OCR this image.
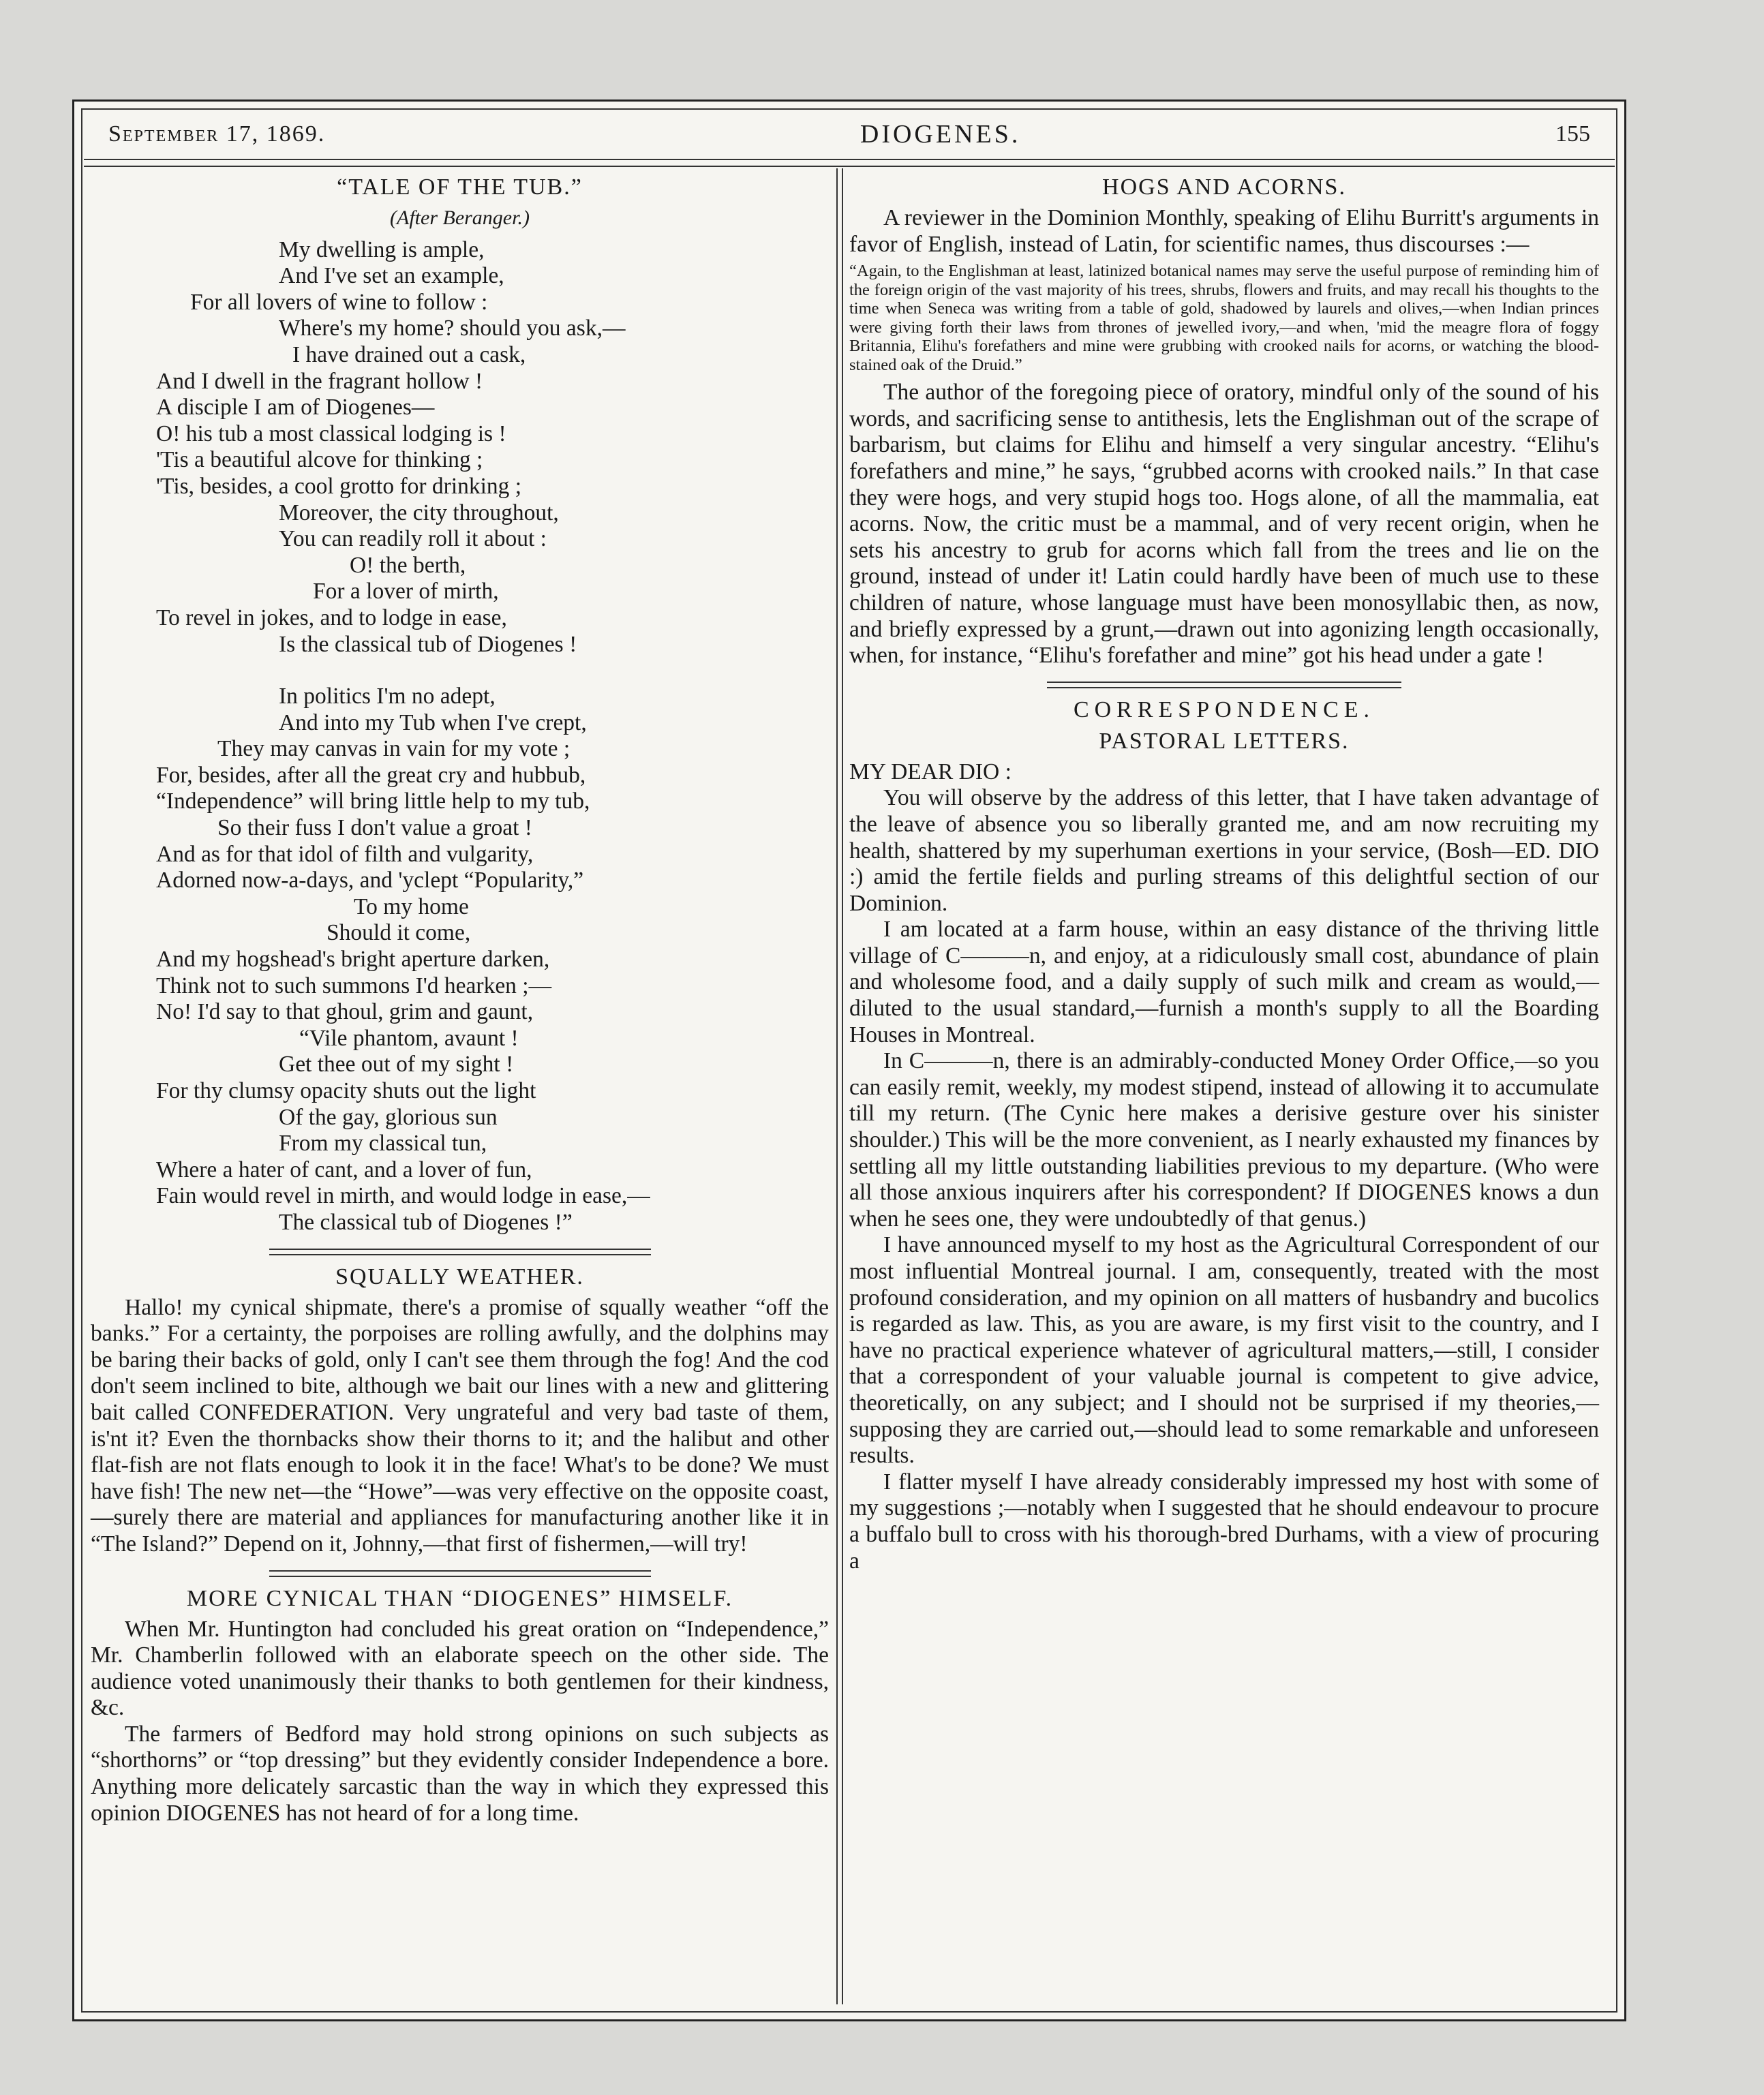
September 17, 1869.	DIOGENES.	155
“TALE OF THE TUB.”
(After Beranger.)
My dwelling is ample,
And I've set an example,
For all lovers of wine to follow :
Where's my home? should you ask,—
I have drained out a cask,
And I dwell in the fragrant hollow !
A disciple I am of Diogenes—
O! his tub a most classical lodging is !
'Tis a beautiful alcove for thinking ;
'Tis, besides, a cool grotto for drinking ;
Moreover, the city throughout,
You can readily roll it about :
O! the berth,
For a lover of mirth,
To revel in jokes, and to lodge in ease,
Is the classical tub of Diogenes !
In politics I'm no adept,
And into my Tub when I've crept,
They may canvas in vain for my vote ;
For, besides, after all the great cry and hubbub,
“Independence” will bring little help to my tub,
So their fuss I don't value a groat !
And as for that idol of filth and vulgarity,
Adorned now-a-days, and 'yclept “Popularity,”
To my home
Should it come,
And my hogshead's bright aperture darken,
Think not to such summons I'd hearken ;—
No! I'd say to that ghoul, grim and gaunt,
“Vile phantom, avaunt !
Get thee out of my sight !
For thy clumsy opacity shuts out the light
Of the gay, glorious sun
From my classical tun,
Where a hater of cant, and a lover of fun,
Fain would revel in mirth, and would lodge in ease,—
The classical tub of Diogenes !”
SQUALLY WEATHER.

Hallo! my cynical shipmate, there's a promise of squally weather “off the banks.” For a certainty, the porpoises are rolling awfully, and the dolphins may be baring their backs of gold, only I can't see them through the fog! And the cod don't seem inclined to bite, although we bait our lines with a new and glittering bait called CONFEDERATION. Very ungrateful and very bad taste of them, is'nt it? Even the thornbacks show their thorns to it; and the halibut and other flat-fish are not flats enough to look it in the face! What's to be done? We must have fish! The new net—the “Howe”—was very effective on the opposite coast,—surely there are material and appliances for manufacturing another like it in “The Island?” Depend on it, Johnny,—that first of fishermen,—will try!

MORE CYNICAL THAN “DIOGENES” HIMSELF.

When Mr. Huntington had concluded his great oration on “Independence,” Mr. Chamberlin followed with an elaborate speech on the other side. The audience voted unanimously their thanks to both gentlemen for their kindness, &c.

The farmers of Bedford may hold strong opinions on such subjects as “shorthorns” or “top dressing” but they evidently consider Independence a bore. Anything more delicately sarcastic than the way in which they expressed this opinion DIOGENES has not heard of for a long time.

HOGS AND ACORNS.

A reviewer in the Dominion Monthly, speaking of Elihu Burritt's arguments in favor of English, instead of Latin, for scientific names, thus discourses :—

“Again, to the Englishman at least, latinized botanical names may serve the useful purpose of reminding him of the foreign origin of the vast majority of his trees, shrubs, flowers and fruits, and may recall his thoughts to the time when Seneca was writing from a table of gold, shadowed by laurels and olives,—when Indian princes were giving forth their laws from thrones of jewelled ivory,—and when, 'mid the meagre flora of foggy Britannia, Elihu's forefathers and mine were grubbing with crooked nails for acorns, or watching the blood-stained oak of the Druid.”

The author of the foregoing piece of oratory, mindful only of the sound of his words, and sacrificing sense to antithesis, lets the Englishman out of the scrape of barbarism, but claims for Elihu and himself a very singular ancestry. “Elihu's forefathers and mine,” he says, “grubbed acorns with crooked nails.” In that case they were hogs, and very stupid hogs too. Hogs alone, of all the mammalia, eat acorns. Now, the critic must be a mammal, and of very recent origin, when he sets his ancestry to grub for acorns which fall from the trees and lie on the ground, instead of under it! Latin could hardly have been of much use to these children of nature, whose language must have been monosyllabic then, as now, and briefly expressed by a grunt,—drawn out into agonizing length occasionally, when, for instance, “Elihu's forefather and mine” got his head under a gate !

CORRESPONDENCE.
PASTORAL LETTERS.
MY DEAR DIO :

You will observe by the address of this letter, that I have taken advantage of the leave of absence you so liberally granted me, and am now recruiting my health, shattered by my superhuman exertions in your service, (Bosh—ED. DIO :) amid the fertile fields and purling streams of this delightful section of our Dominion.

I am located at a farm house, within an easy distance of the thriving little village of C———n, and enjoy, at a ridiculously small cost, abundance of plain and wholesome food, and a daily supply of such milk and cream as would,—diluted to the usual standard,—furnish a month's supply to all the Boarding Houses in Montreal.

In C———n, there is an admirably-conducted Money Order Office,—so you can easily remit, weekly, my modest stipend, instead of allowing it to accumulate till my return. (The Cynic here makes a derisive gesture over his sinister shoulder.) This will be the more convenient, as I nearly exhausted my finances by settling all my little outstanding liabilities previous to my departure. (Who were all those anxious inquirers after his correspondent? If DIOGENES knows a dun when he sees one, they were undoubtedly of that genus.)

I have announced myself to my host as the Agricultural Correspondent of our most influential Montreal journal. I am, consequently, treated with the most profound consideration, and my opinion on all matters of husbandry and bucolics is regarded as law. This, as you are aware, is my first visit to the country, and I have no practical experience whatever of agricultural matters,—still, I consider that a correspondent of your valuable journal is competent to give advice, theoretically, on any subject; and I should not be surprised if my theories,—supposing they are carried out,—should lead to some remarkable and unforeseen results.

I flatter myself I have already considerably impressed my host with some of my suggestions ;—notably when I suggested that he should endeavour to procure a buffalo bull to cross with his thorough-bred Durhams, with a view of procuring a
